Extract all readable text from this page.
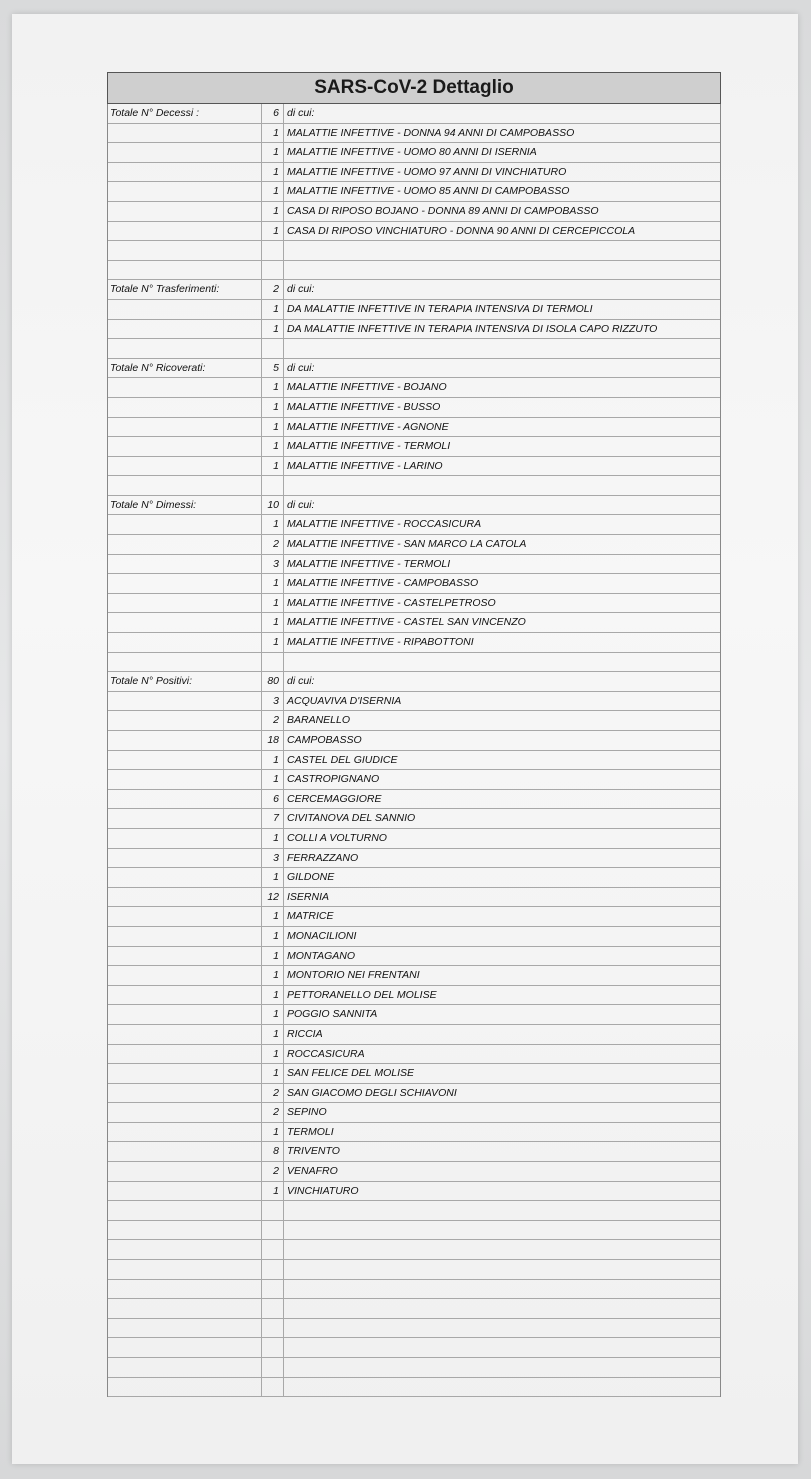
SARS-CoV-2 Dettaglio
Totale N° Decessi :	6 di cui:
1 MALATTIE INFETTIVE - DONNA 94 ANNI DI CAMPOBASSO
1 MALATTIE INFETTIVE - UOMO 80 ANNI DI ISERNIA
1 MALATTIE INFETTIVE - UOMO 97 ANNI DI VINCHIATURO
1 MALATTIE INFETTIVE - UOMO 85 ANNI DI CAMPOBASSO
1 CASA DI RIPOSO BOJANO - DONNA 89 ANNI DI CAMPOBASSO
1 CASA DI RIPOSO VINCHIATURO - DONNA 90 ANNI DI CERCEPICCOLA
Totale N° Trasferimenti:	2 di cui:
1 DA MALATTIE INFETTIVE IN TERAPIA INTENSIVA DI TERMOLI
1 DA MALATTIE INFETTIVE IN TERAPIA INTENSIVA DI ISOLA CAPO RIZZUTO
Totale N° Ricoverati:	5 di cui:
1 MALATTIE INFETTIVE - BOJANO
1 MALATTIE INFETTIVE - BUSSO
1 MALATTIE INFETTIVE - AGNONE
1 MALATTIE INFETTIVE - TERMOLI
1 MALATTIE INFETTIVE - LARINO
Totale N° Dimessi:	10 di cui:
1 MALATTIE INFETTIVE - ROCCASICURA
2 MALATTIE INFETTIVE - SAN MARCO LA CATOLA
3 MALATTIE INFETTIVE - TERMOLI
1 MALATTIE INFETTIVE - CAMPOBASSO
1 MALATTIE INFETTIVE - CASTELPETROSO
1 MALATTIE INFETTIVE - CASTEL SAN VINCENZO
1 MALATTIE INFETTIVE - RIPABOTTONI
Totale N° Positivi:	80 di cui:
3 ACQUAVIVA D'ISERNIA
2 BARANELLO
18 CAMPOBASSO
1 CASTEL DEL GIUDICE
1 CASTROPIGNANO
6 CERCEMAGGIORE
7 CIVITANOVA DEL SANNIO
1 COLLI A VOLTURNO
3 FERRAZZANO
1 GILDONE
12 ISERNIA
1 MATRICE
1 MONACILIONI
1 MONTAGANO
1 MONTORIO NEI FRENTANI
1 PETTORANELLO DEL MOLISE
1 POGGIO SANNITA
1 RICCIA
1 ROCCASICURA
1 SAN FELICE DEL MOLISE
2 SAN GIACOMO DEGLI SCHIAVONI
2 SEPINO
1 TERMOLI
8 TRIVENTO
2 VENAFRO
1 VINCHIATURO
